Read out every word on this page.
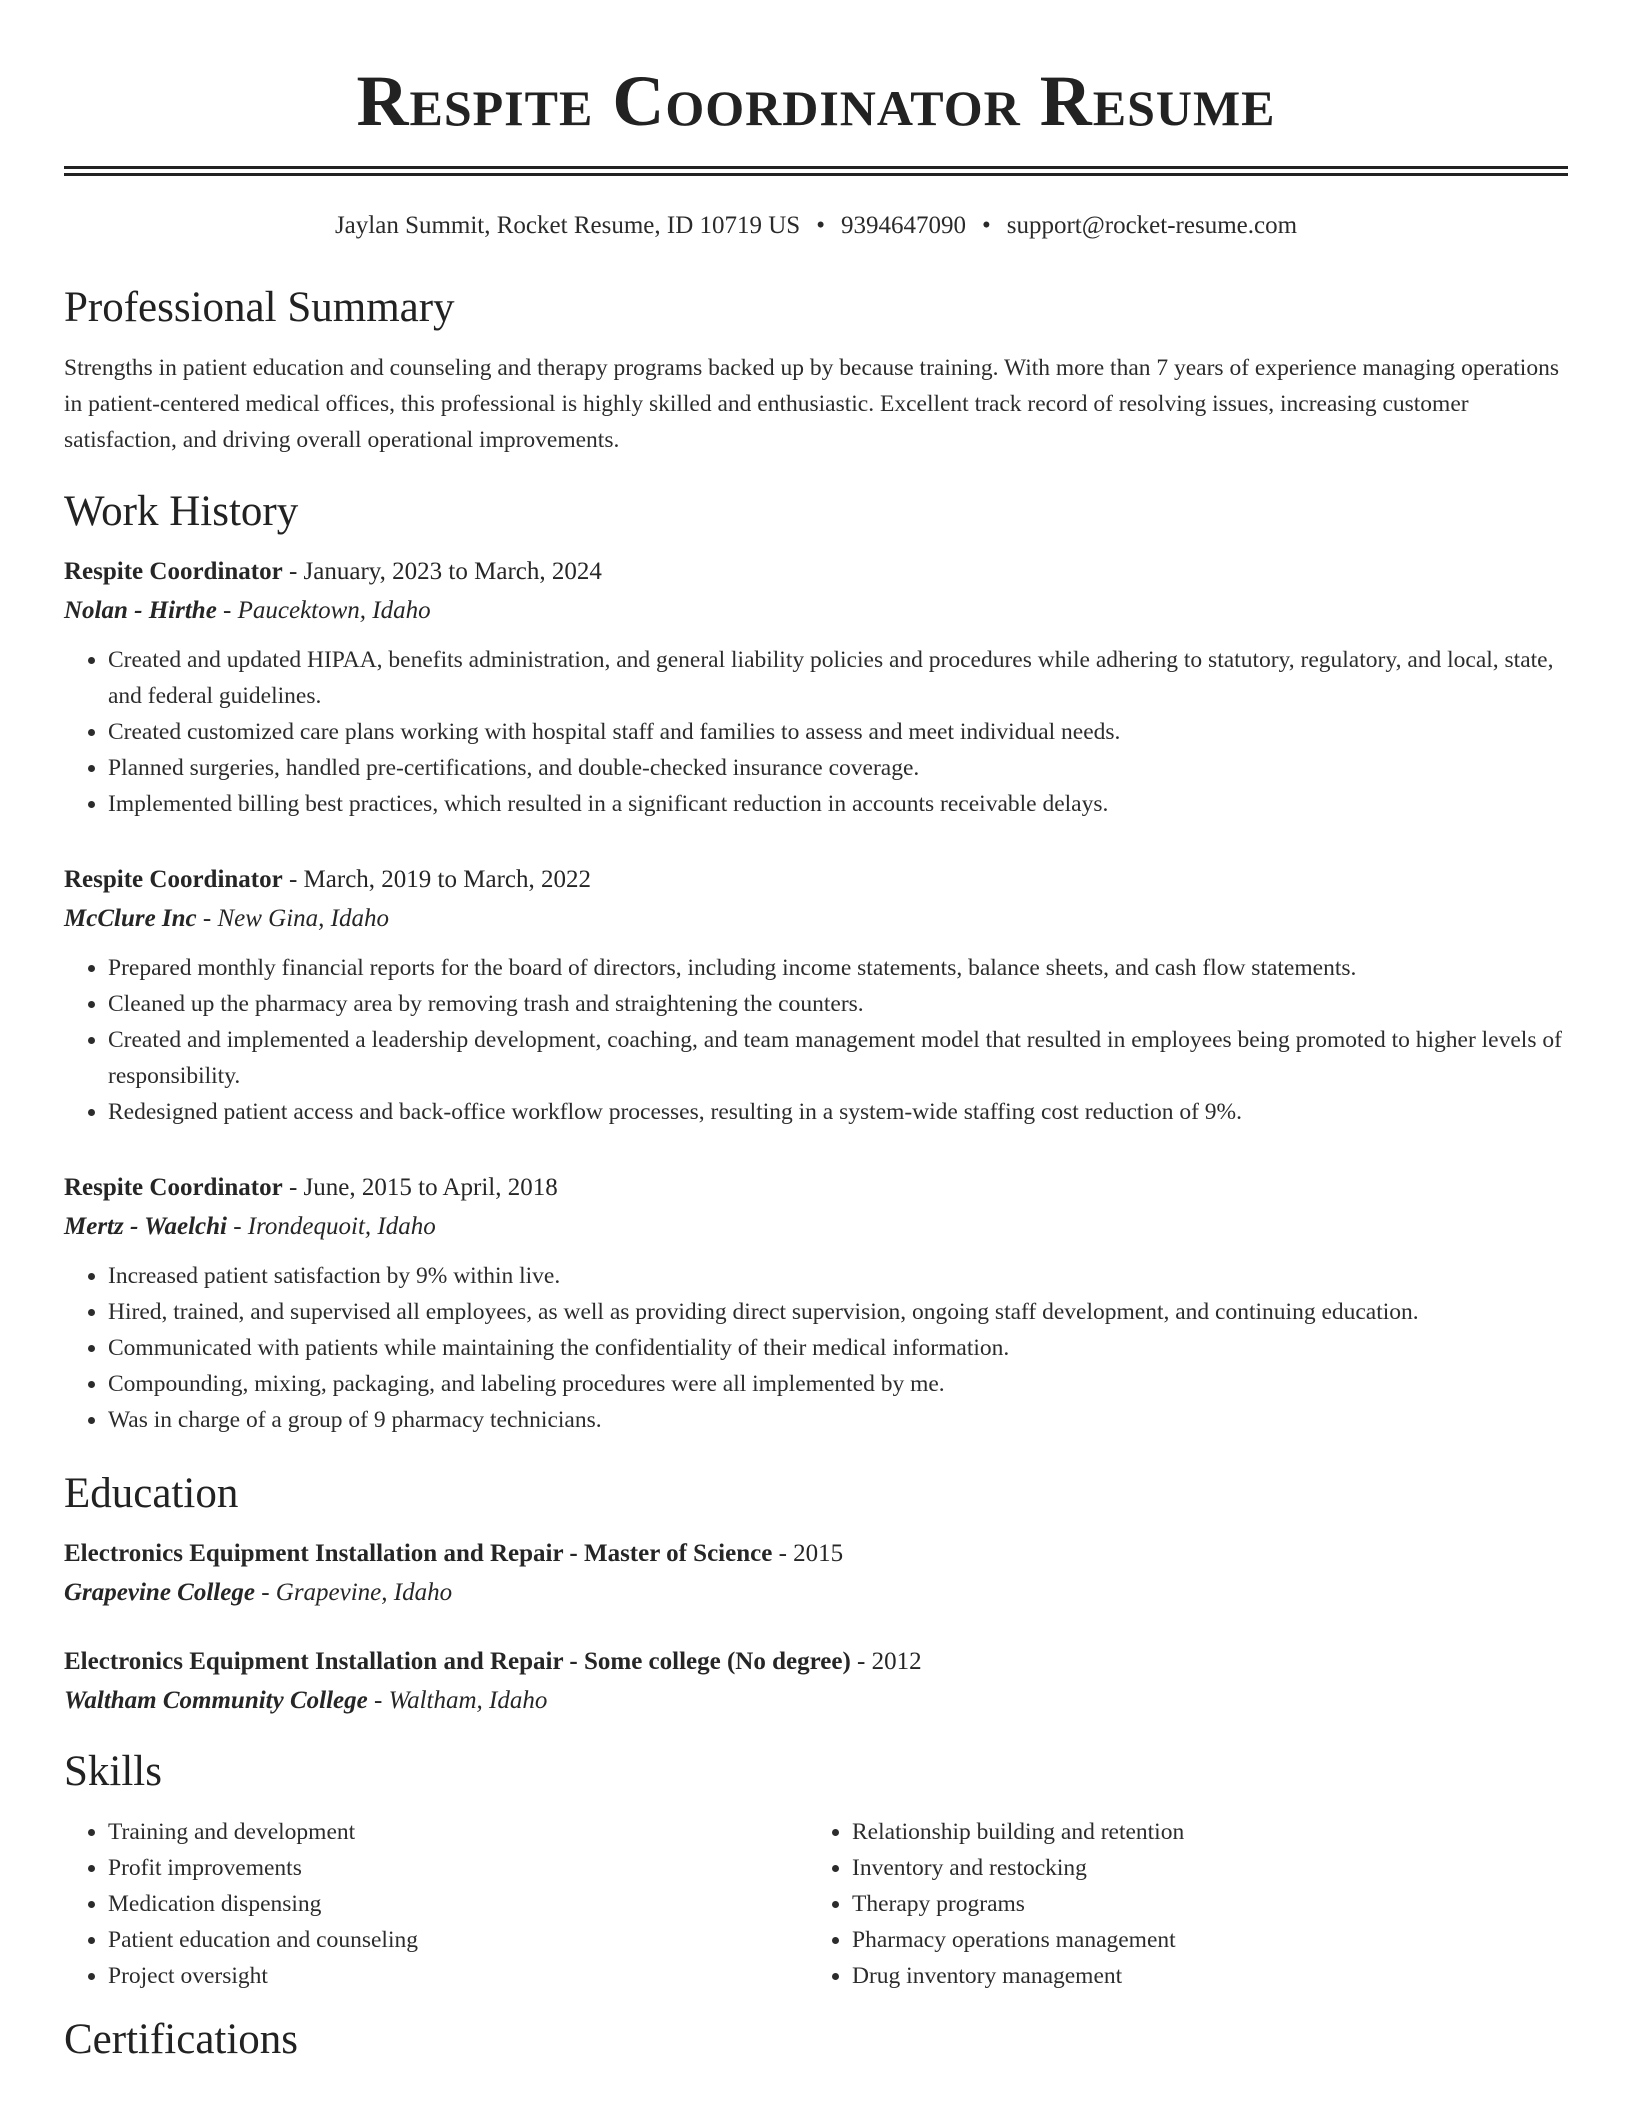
Respite Coordinator Resume
Jaylan Summit, Rocket Resume, ID 10719 US • 9394647090 • support@rocket-resume.com
Professional Summary
Strengths in patient education and counseling and therapy programs backed up by because training. With more than 7 years of experience managing operations in patient-centered medical offices, this professional is highly skilled and enthusiastic. Excellent track record of resolving issues, increasing customer satisfaction, and driving overall operational improvements.
Work History
Respite Coordinator - January, 2023 to March, 2024
Nolan - Hirthe - Paucektown, Idaho
• Created and updated HIPAA, benefits administration, and general liability policies and procedures while adhering to statutory, regulatory, and local, state, and federal guidelines.
• Created customized care plans working with hospital staff and families to assess and meet individual needs.
• Planned surgeries, handled pre-certifications, and double-checked insurance coverage.
• Implemented billing best practices, which resulted in a significant reduction in accounts receivable delays.
Respite Coordinator - March, 2019 to March, 2022
McClure Inc - New Gina, Idaho
• Prepared monthly financial reports for the board of directors, including income statements, balance sheets, and cash flow statements.
• Cleaned up the pharmacy area by removing trash and straightening the counters.
• Created and implemented a leadership development, coaching, and team management model that resulted in employees being promoted to higher levels of responsibility.
• Redesigned patient access and back-office workflow processes, resulting in a system-wide staffing cost reduction of 9%.
Respite Coordinator - June, 2015 to April, 2018
Mertz - Waelchi - Irondequoit, Idaho
• Increased patient satisfaction by 9% within live.
• Hired, trained, and supervised all employees, as well as providing direct supervision, ongoing staff development, and continuing education.
• Communicated with patients while maintaining the confidentiality of their medical information.
• Compounding, mixing, packaging, and labeling procedures were all implemented by me.
• Was in charge of a group of 9 pharmacy technicians.
Education
Electronics Equipment Installation and Repair - Master of Science - 2015
Grapevine College - Grapevine, Idaho
Electronics Equipment Installation and Repair - Some college (No degree) - 2012
Waltham Community College - Waltham, Idaho
Skills
• Training and development
• Profit improvements
• Medication dispensing
• Patient education and counseling
• Project oversight
• Relationship building and retention
• Inventory and restocking
• Therapy programs
• Pharmacy operations management
• Drug inventory management
Certifications
